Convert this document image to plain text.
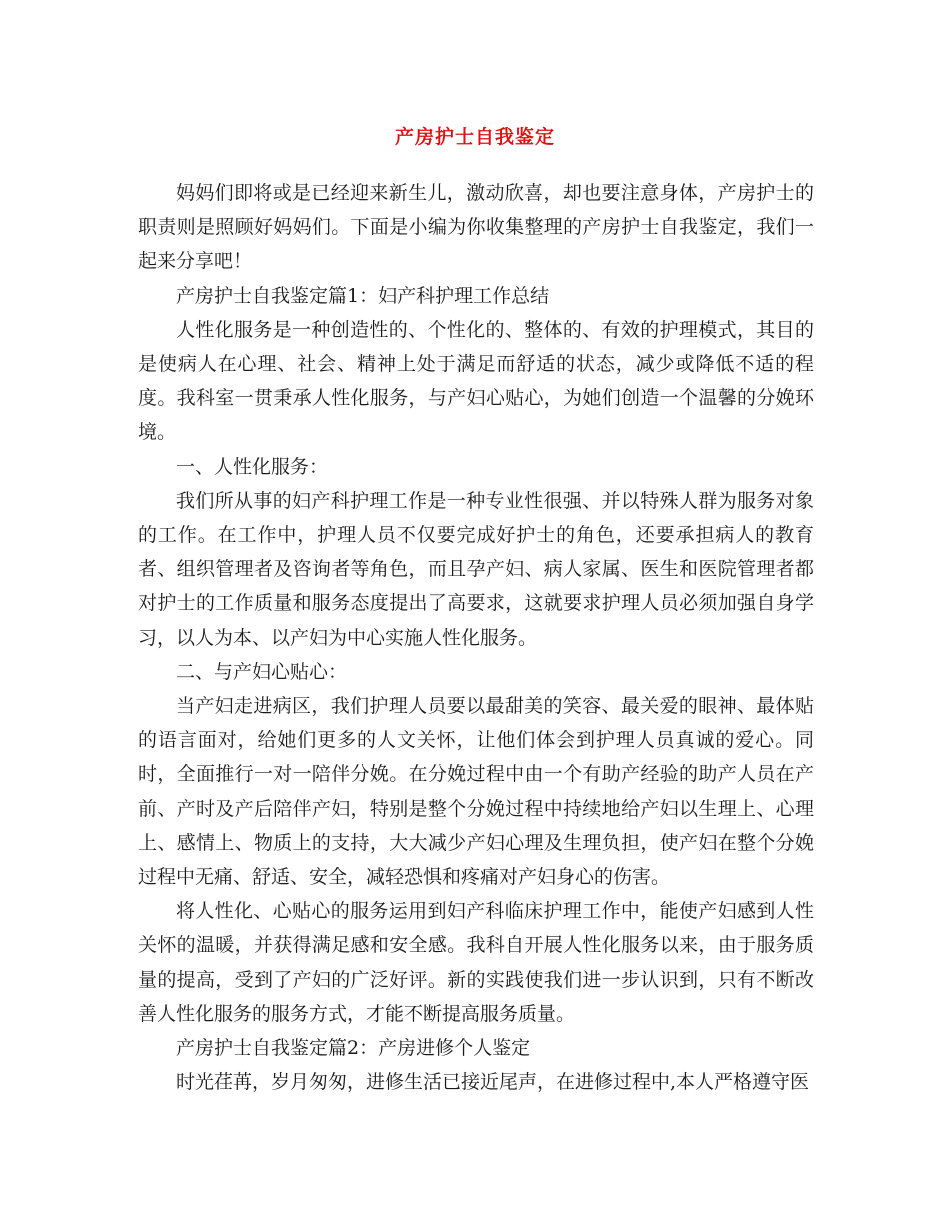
产房护士自我鉴定

妈妈们即将或是已经迎来新生儿，激动欣喜，却也要注意身体，产房护士的职责则是照顾好妈妈们。下面是小编为你收集整理的产房护士自我鉴定，我们一起来分享吧！

产房护士自我鉴定篇1：妇产科护理工作总结

人性化服务是一种创造性的、个性化的、整体的、有效的护理模式，其目的是使病人在心理、社会、精神上处于满足而舒适的状态，减少或降低不适的程度。我科室一贯秉承人性化服务，与产妇心贴心，为她们创造一个温馨的分娩环境。

一、人性化服务：

我们所从事的妇产科护理工作是一种专业性很强、并以特殊人群为服务对象的工作。在工作中，护理人员不仅要完成好护士的角色，还要承担病人的教育者、组织管理者及咨询者等角色，而且孕产妇、病人家属、医生和医院管理者都对护士的工作质量和服务态度提出了高要求，这就要求护理人员必须加强自身学习，以人为本、以产妇为中心实施人性化服务。

二、与产妇心贴心：

当产妇走进病区，我们护理人员要以最甜美的笑容、最关爱的眼神、最体贴的语言面对，给她们更多的人文关怀，让他们体会到护理人员真诚的爱心。同时，全面推行一对一陪伴分娩。在分娩过程中由一个有助产经验的助产人员在产前、产时及产后陪伴产妇，特别是整个分娩过程中持续地给产妇以生理上、心理上、感情上、物质上的支持，大大减少产妇心理及生理负担，使产妇在整个分娩过程中无痛、舒适、安全，减轻恐惧和疼痛对产妇身心的伤害。

将人性化、心贴心的服务运用到妇产科临床护理工作中，能使产妇感到人性关怀的温暖，并获得满足感和安全感。我科自开展人性化服务以来，由于服务质量的提高，受到了产妇的广泛好评。新的实践使我们进一步认识到，只有不断改善人性化服务的服务方式，才能不断提高服务质量。

产房护士自我鉴定篇2：产房进修个人鉴定

时光荏苒，岁月匆匆，进修生活已接近尾声，在进修过程中,本人严格遵守医
